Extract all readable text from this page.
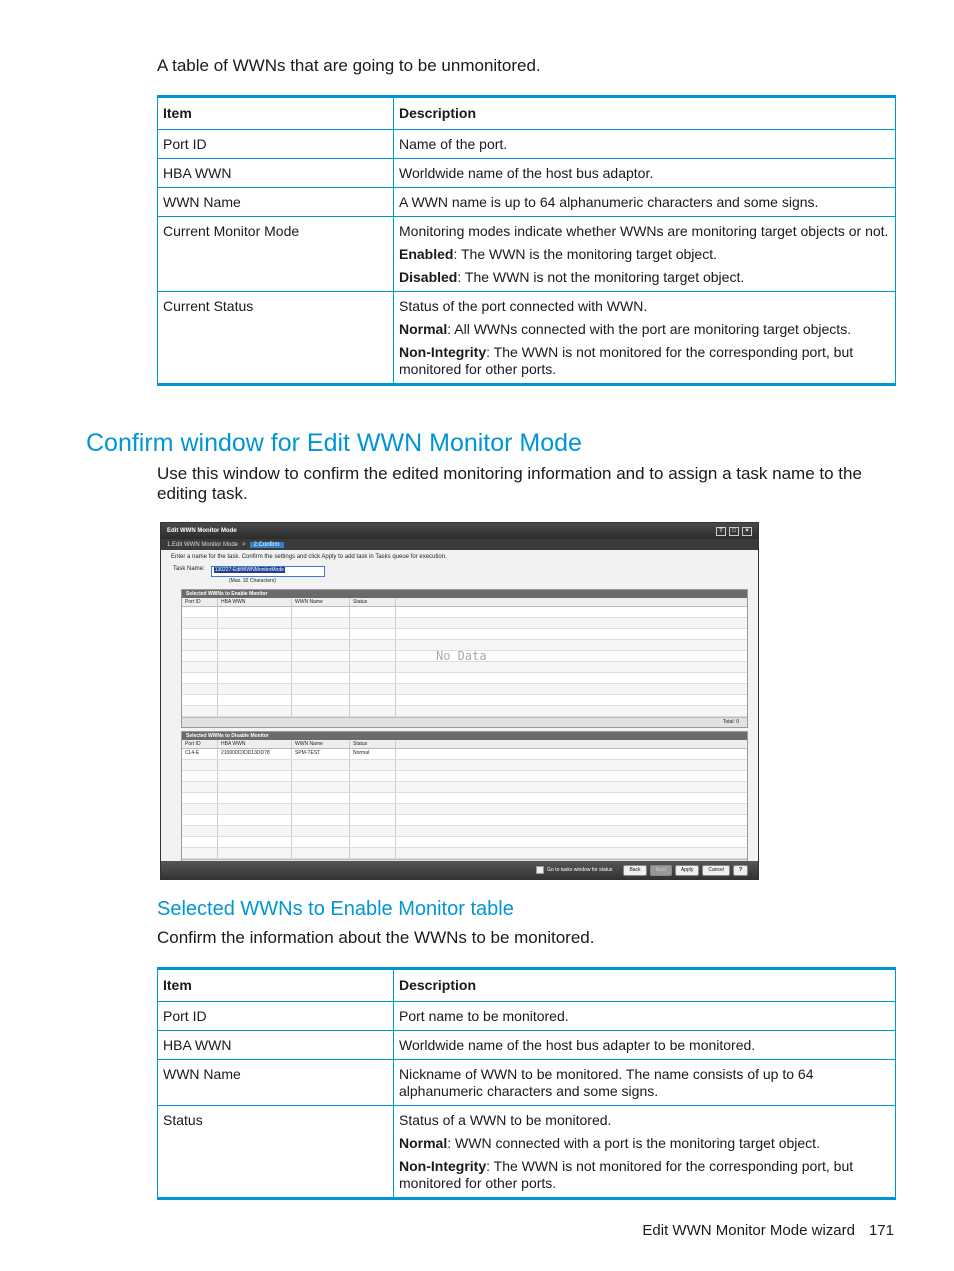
A table of WWNs that are going to be unmonitored.
Item	Description
Port ID	Name of the port.

HBA WWN	Worldwide name of the host bus adaptor.

WWN Name	A WWN name is up to 64 alphanumeric characters and some signs.

Current Monitor Mode	Monitoring modes indicate whether WWNs are monitoring target objects or not.

Enabled: The WWN is the monitoring target object.

Disabled: The WWN is not the monitoring target object.

Current Status	Status of the port connected with WWN.

Normal: All WWNs connected with the port are monitoring target objects.

Non-Integrity: The WWN is not monitored for the corresponding port, but monitored for other ports.

Confirm window for Edit WWN Monitor Mode
Use this window to confirm the edited monitoring information and to assign a task name to the editing task.
Edit WWN Monitor Mode	⊤	□	×
1.Edit WWN Monitor Mode >	2.Confirm
Enter a name for the task. Confirm the settings and click Apply to add task in Tasks queue for execution.
Task Name:	130227-EditWWNMonitorMode
(Max. 32 Characters)
Selected WWNs to Enable Monitor
Port ID	HBA WWN	WWN Name	Status
Total: 0
Selected WWNs to Disable Monitor
Port ID	HBA WWN	WWN Name	Status
CL4-E	210000C0DD13DD78	SPM-TEST	Normal
No Data
Go to tasks window for status	Back	Next	Apply	Cancel	?
Selected WWNs to Enable Monitor table
Confirm the information about the WWNs to be monitored.
Item	Description
Port ID	Port name to be monitored.

HBA WWN	Worldwide name of the host bus adapter to be monitored.

WWN Name	Nickname of WWN to be monitored. The name consists of up to 64 alphanumeric characters and some signs.

Status	Status of a WWN to be monitored.

Normal: WWN connected with a port is the monitoring target object.

Non-Integrity: The WWN is not monitored for the corresponding port, but monitored for other ports.

Edit WWN Monitor Mode wizard 171
